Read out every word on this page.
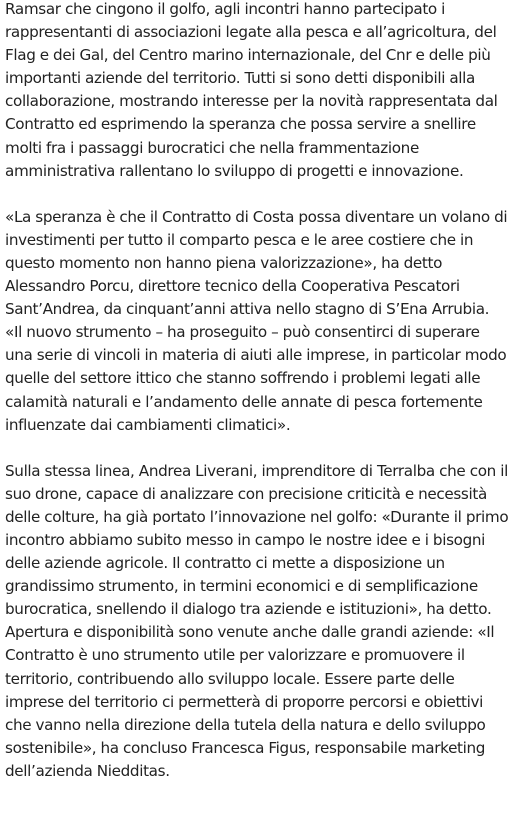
Ramsar che cingono il golfo, agli incontri hanno partecipato i rappresentanti di associazioni legate alla pesca e all’agricoltura, del Flag e dei Gal, del Centro marino internazionale, del Cnr e delle più importanti aziende del territorio. Tutti si sono detti disponibili alla collaborazione, mostrando interesse per la novità rappresentata dal Contratto ed esprimendo la speranza che possa servire a snellire molti fra i passaggi burocratici che nella frammentazione amministrativa rallentano lo sviluppo di progetti e innovazione.

«La speranza è che il Contratto di Costa possa diventare un volano di investimenti per tutto il comparto pesca e le aree costiere che in questo momento non hanno piena valorizzazione», ha detto Alessandro Porcu, direttore tecnico della Cooperativa Pescatori Sant’Andrea, da cinquant’anni attiva nello stagno di S’Ena Arrubia. «Il nuovo strumento – ha proseguito – può consentirci di superare una serie di vincoli in materia di aiuti alle imprese, in particolar modo quelle del settore ittico che stanno soffrendo i problemi legati alle calamità naturali e l’andamento delle annate di pesca fortemente influenzate dai cambiamenti climatici».

Sulla stessa linea, Andrea Liverani, imprenditore di Terralba che con il suo drone, capace di analizzare con precisione criticità e necessità delle colture, ha già portato l’innovazione nel golfo: «Durante il primo incontro abbiamo subito messo in campo le nostre idee e i bisogni delle aziende agricole. Il contratto ci mette a disposizione un grandissimo strumento, in termini economici e di semplificazione burocratica, snellendo il dialogo tra aziende e istituzioni», ha detto. Apertura e disponibilità sono venute anche dalle grandi aziende: «Il Contratto è uno strumento utile per valorizzare e promuovere il territorio, contribuendo allo sviluppo locale. Essere parte delle imprese del territorio ci permetterà di proporre percorsi e obiettivi che vanno nella direzione della tutela della natura e dello sviluppo sostenibile», ha concluso Francesca Figus, responsabile marketing dell’azienda Niedditas.
